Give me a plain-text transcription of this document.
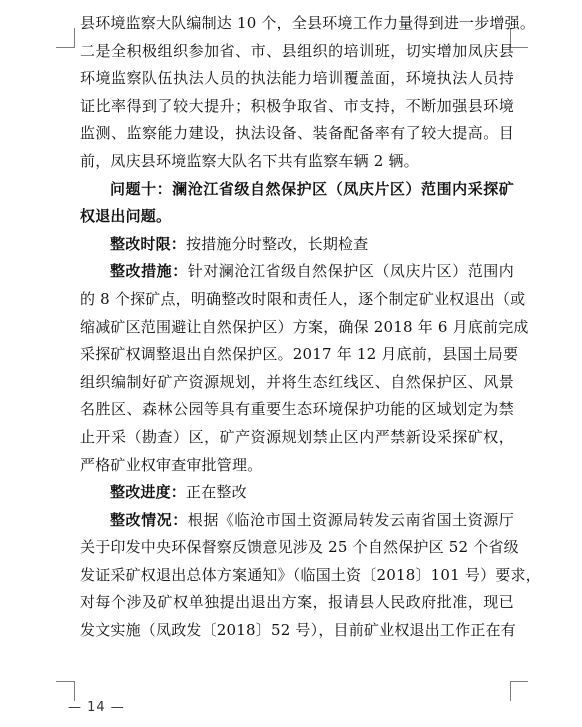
县环境监察大队编制达 10 个，全县环境工作力量得到进一步增强。
二是全积极组织参加省、市、县组织的培训班，切实增加凤庆县
环境监察队伍执法人员的执法能力培训覆盖面，环境执法人员持
证比率得到了较大提升；积极争取省、市支持，不断加强县环境
监测、监察能力建设，执法设备、装备配备率有了较大提高。目
前，凤庆县环境监察大队名下共有监察车辆 2 辆。
问题十：澜沧江省级自然保护区（凤庆片区）范围内采探矿
权退出问题。
整改时限：按措施分时整改，长期检查
整改措施：针对澜沧江省级自然保护区（凤庆片区）范围内
的 8 个探矿点，明确整改时限和责任人，逐个制定矿业权退出（或
缩减矿区范围避让自然保护区）方案，确保 2018 年 6 月底前完成
采探矿权调整退出自然保护区。2017 年 12 月底前，县国土局要
组织编制好矿产资源规划，并将生态红线区、自然保护区、风景
名胜区、森林公园等具有重要生态环境保护功能的区域划定为禁
止开采（勘查）区，矿产资源规划禁止区内严禁新设采探矿权，
严格矿业权审查审批管理。
整改进度：正在整改
整改情况：根据《临沧市国土资源局转发云南省国土资源厅
关于印发中央环保督察反馈意见涉及 25 个自然保护区 52 个省级
发证采矿权退出总体方案通知》（临国土资〔2018〕101 号）要求，
对每个涉及矿权单独提出退出方案，报请县人民政府批准，现已
发文实施（凤政发〔2018〕52 号），目前矿业权退出工作正在有
— 14 —
